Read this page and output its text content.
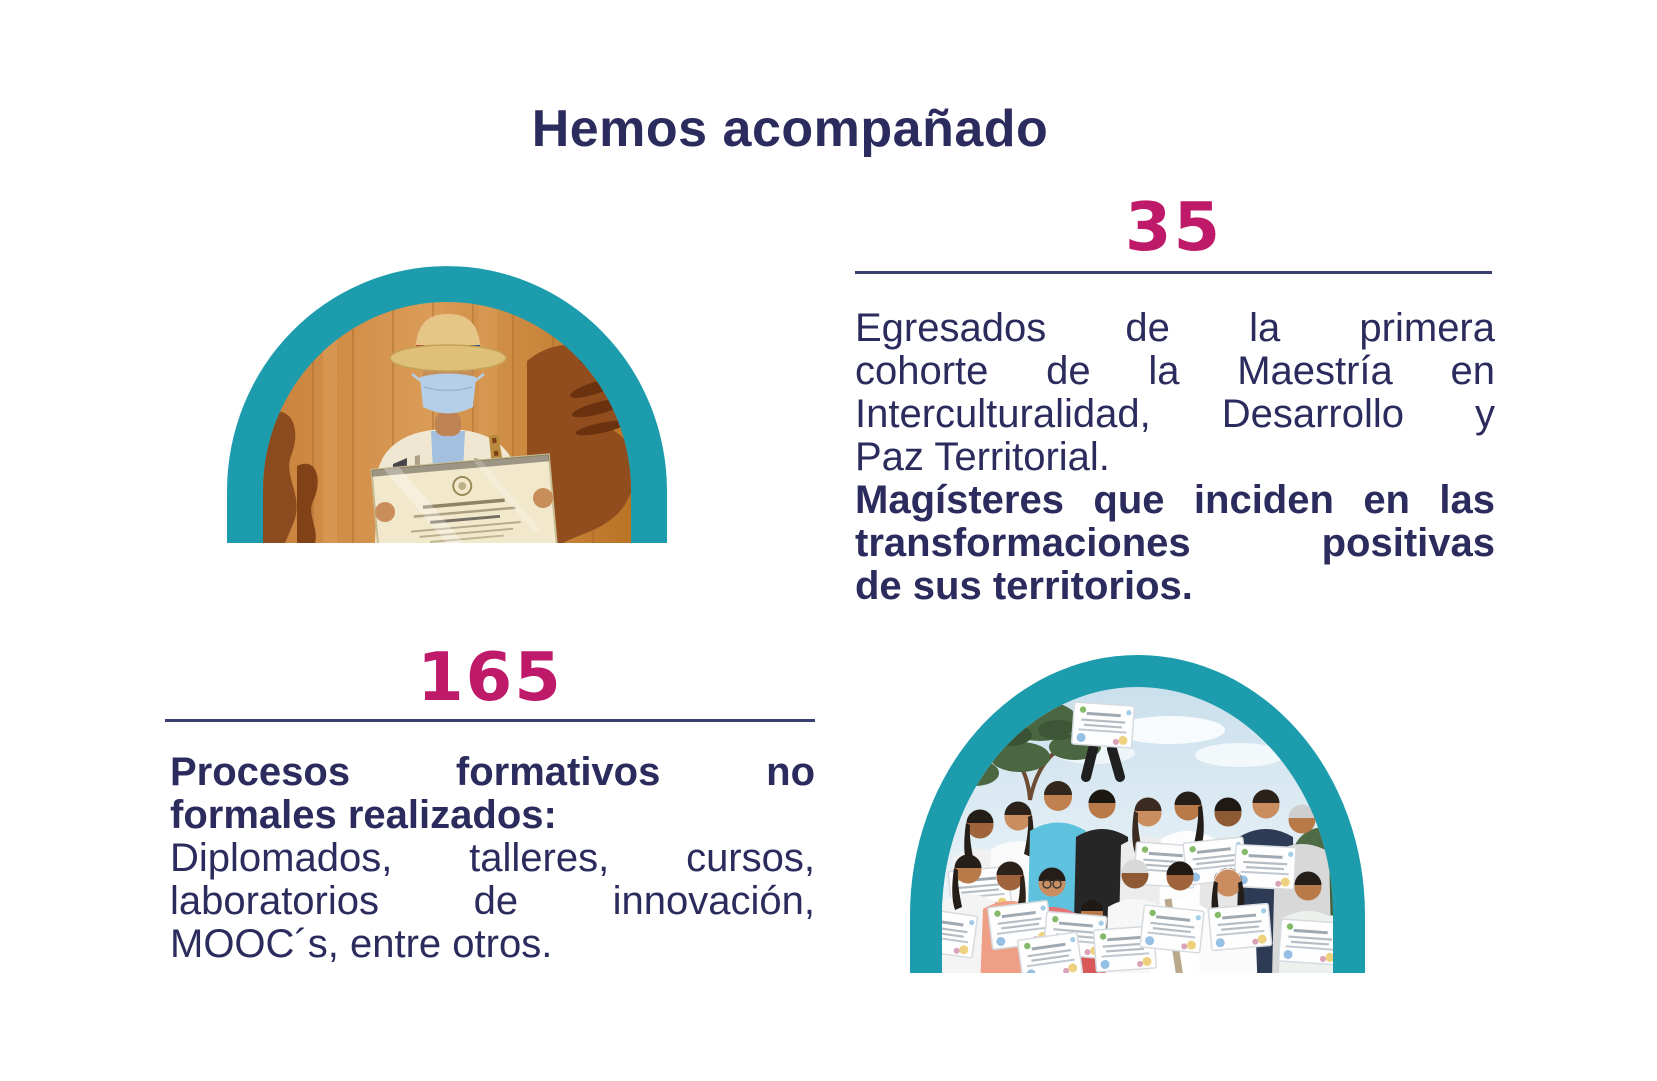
Hemos acompañado
35
Egresados de la primera
cohorte de la Maestría en
Interculturalidad, Desarrollo y
Paz Territorial.
Magísteres que inciden en las
transformaciones positivas
de sus territorios.
165
Procesos formativos no
formales realizados:
Diplomados, talleres, cursos,
laboratorios de innovación,
MOOC´s, entre otros.
